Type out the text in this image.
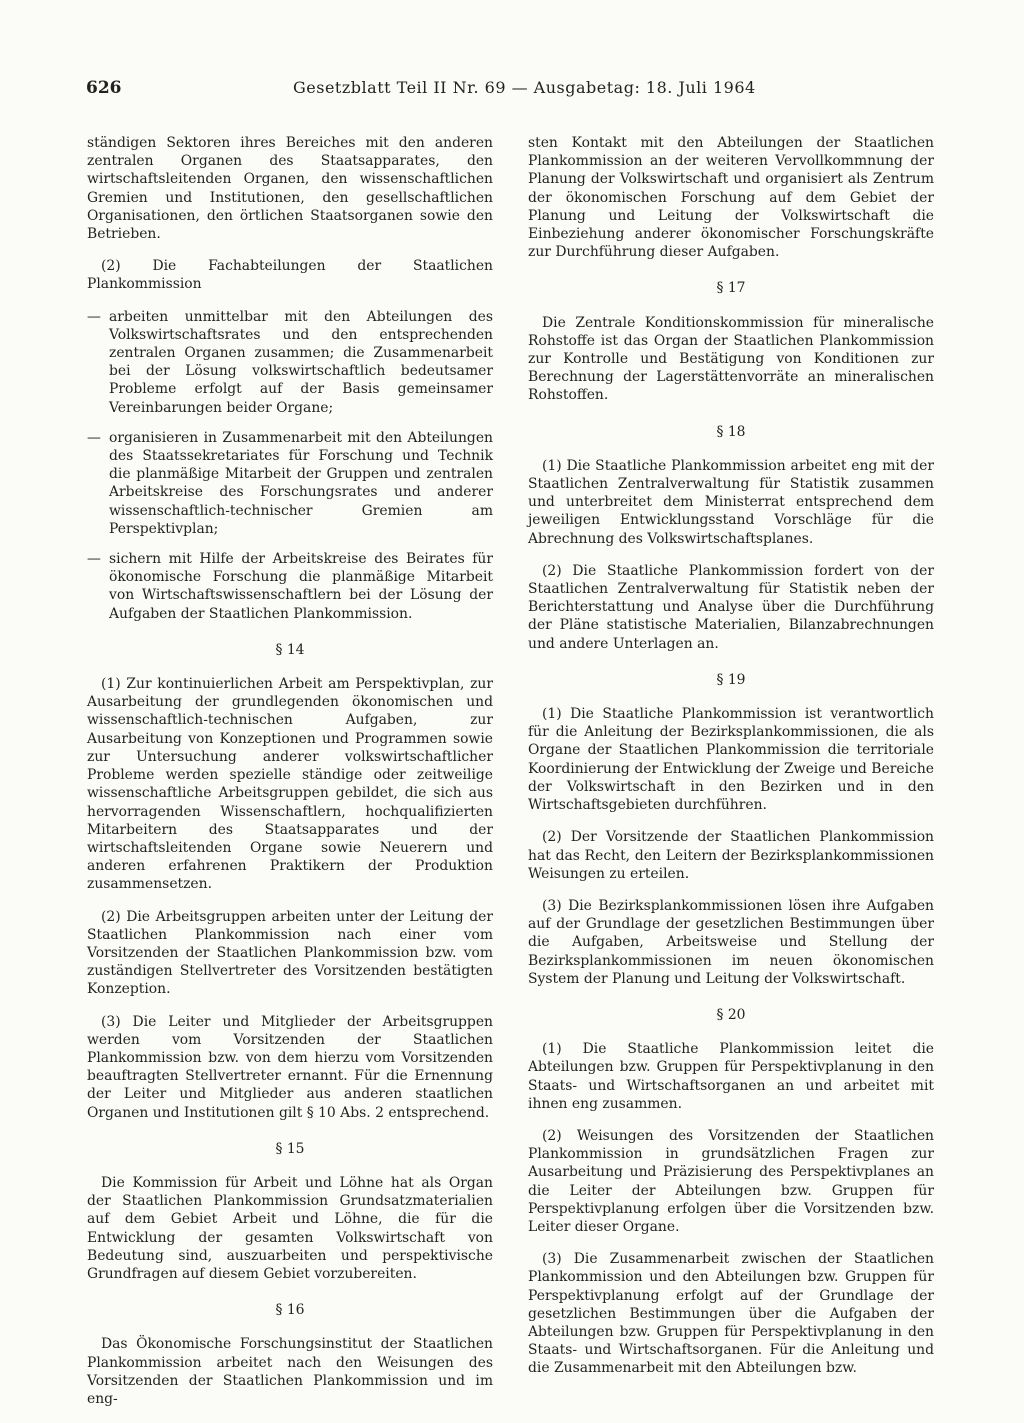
626	Gesetzblatt Teil II Nr. 69 — Ausgabetag: 18. Juli 1964

ständigen Sektoren ihres Bereiches mit den anderen zentralen Organen des Staatsapparates, den wirtschaftsleitenden Organen, den wissenschaftlichen Gremien und Institutionen, den gesellschaftlichen Organisationen, den örtlichen Staatsorganen sowie den Betrieben.

(2) Die Fachabteilungen der Staatlichen Plankommission

— arbeiten unmittelbar mit den Abteilungen des Volkswirtschaftsrates und den entsprechenden zentralen Organen zusammen; die Zusammenarbeit bei der Lösung volkswirtschaftlich bedeutsamer Probleme erfolgt auf der Basis gemeinsamer Vereinbarungen beider Organe;
— organisieren in Zusammenarbeit mit den Abteilungen des Staatssekretariates für Forschung und Technik die planmäßige Mitarbeit der Gruppen und zentralen Arbeitskreise des Forschungsrates und anderer wissenschaftlich-technischer Gremien am Perspektivplan;
— sichern mit Hilfe der Arbeitskreise des Beirates für ökonomische Forschung die planmäßige Mitarbeit von Wirtschaftswissenschaftlern bei der Lösung der Aufgaben der Staatlichen Plankommission.
§ 14

(1) Zur kontinuierlichen Arbeit am Perspektivplan, zur Ausarbeitung der grundlegenden ökonomischen und wissenschaftlich-technischen Aufgaben, zur Ausarbeitung von Konzeptionen und Programmen sowie zur Untersuchung anderer volkswirtschaftlicher Probleme werden spezielle ständige oder zeitweilige wissenschaftliche Arbeitsgruppen gebildet, die sich aus hervorragenden Wissenschaftlern, hochqualifizierten Mitarbeitern des Staatsapparates und der wirtschaftsleitenden Organe sowie Neuerern und anderen erfahrenen Praktikern der Produktion zusammensetzen.

(2) Die Arbeitsgruppen arbeiten unter der Leitung der Staatlichen Plankommission nach einer vom Vorsitzenden der Staatlichen Plankommission bzw. vom zuständigen Stellvertreter des Vorsitzenden bestätigten Konzeption.

(3) Die Leiter und Mitglieder der Arbeitsgruppen werden vom Vorsitzenden der Staatlichen Plankommission bzw. von dem hierzu vom Vorsitzenden beauftragten Stellvertreter ernannt. Für die Ernennung der Leiter und Mitglieder aus anderen staatlichen Organen und Institutionen gilt § 10 Abs. 2 entsprechend.

§ 15

Die Kommission für Arbeit und Löhne hat als Organ der Staatlichen Plankommission Grundsatzmaterialien auf dem Gebiet Arbeit und Löhne, die für die Entwicklung der gesamten Volkswirtschaft von Bedeutung sind, auszuarbeiten und perspektivische Grundfragen auf diesem Gebiet vorzubereiten.

§ 16

Das Ökonomische Forschungsinstitut der Staatlichen Plankommission arbeitet nach den Weisungen des Vorsitzenden der Staatlichen Plankommission und im eng-

sten Kontakt mit den Abteilungen der Staatlichen Plankommission an der weiteren Vervollkommnung der Planung der Volkswirtschaft und organisiert als Zentrum der ökonomischen Forschung auf dem Gebiet der Planung und Leitung der Volkswirtschaft die Einbeziehung anderer ökonomischer Forschungskräfte zur Durchführung dieser Aufgaben.

§ 17

Die Zentrale Konditionskommission für mineralische Rohstoffe ist das Organ der Staatlichen Plankommission zur Kontrolle und Bestätigung von Konditionen zur Berechnung der Lagerstättenvorräte an mineralischen Rohstoffen.

§ 18

(1) Die Staatliche Plankommission arbeitet eng mit der Staatlichen Zentralverwaltung für Statistik zusammen und unterbreitet dem Ministerrat entsprechend dem jeweiligen Entwicklungsstand Vorschläge für die Abrechnung des Volkswirtschaftsplanes.

(2) Die Staatliche Plankommission fordert von der Staatlichen Zentralverwaltung für Statistik neben der Berichterstattung und Analyse über die Durchführung der Pläne statistische Materialien, Bilanzabrechnungen und andere Unterlagen an.

§ 19

(1) Die Staatliche Plankommission ist verantwortlich für die Anleitung der Bezirksplankommissionen, die als Organe der Staatlichen Plankommission die territoriale Koordinierung der Entwicklung der Zweige und Bereiche der Volkswirtschaft in den Bezirken und in den Wirtschaftsgebieten durchführen.

(2) Der Vorsitzende der Staatlichen Plankommission hat das Recht, den Leitern der Bezirksplankommissionen Weisungen zu erteilen.

(3) Die Bezirksplankommissionen lösen ihre Aufgaben auf der Grundlage der gesetzlichen Bestimmungen über die Aufgaben, Arbeitsweise und Stellung der Bezirksplankommissionen im neuen ökonomischen System der Planung und Leitung der Volkswirtschaft.

§ 20

(1) Die Staatliche Plankommission leitet die Abteilungen bzw. Gruppen für Perspektivplanung in den Staats- und Wirtschaftsorganen an und arbeitet mit ihnen eng zusammen.

(2) Weisungen des Vorsitzenden der Staatlichen Plankommission in grundsätzlichen Fragen zur Ausarbeitung und Präzisierung des Perspektivplanes an die Leiter der Abteilungen bzw. Gruppen für Perspektivplanung erfolgen über die Vorsitzenden bzw. Leiter dieser Organe.

(3) Die Zusammenarbeit zwischen der Staatlichen Plankommission und den Abteilungen bzw. Gruppen für Perspektivplanung erfolgt auf der Grundlage der gesetzlichen Bestimmungen über die Aufgaben der Abteilungen bzw. Gruppen für Perspektivplanung in den Staats- und Wirtschaftsorganen. Für die Anleitung und die Zusammenarbeit mit den Abteilungen bzw.
